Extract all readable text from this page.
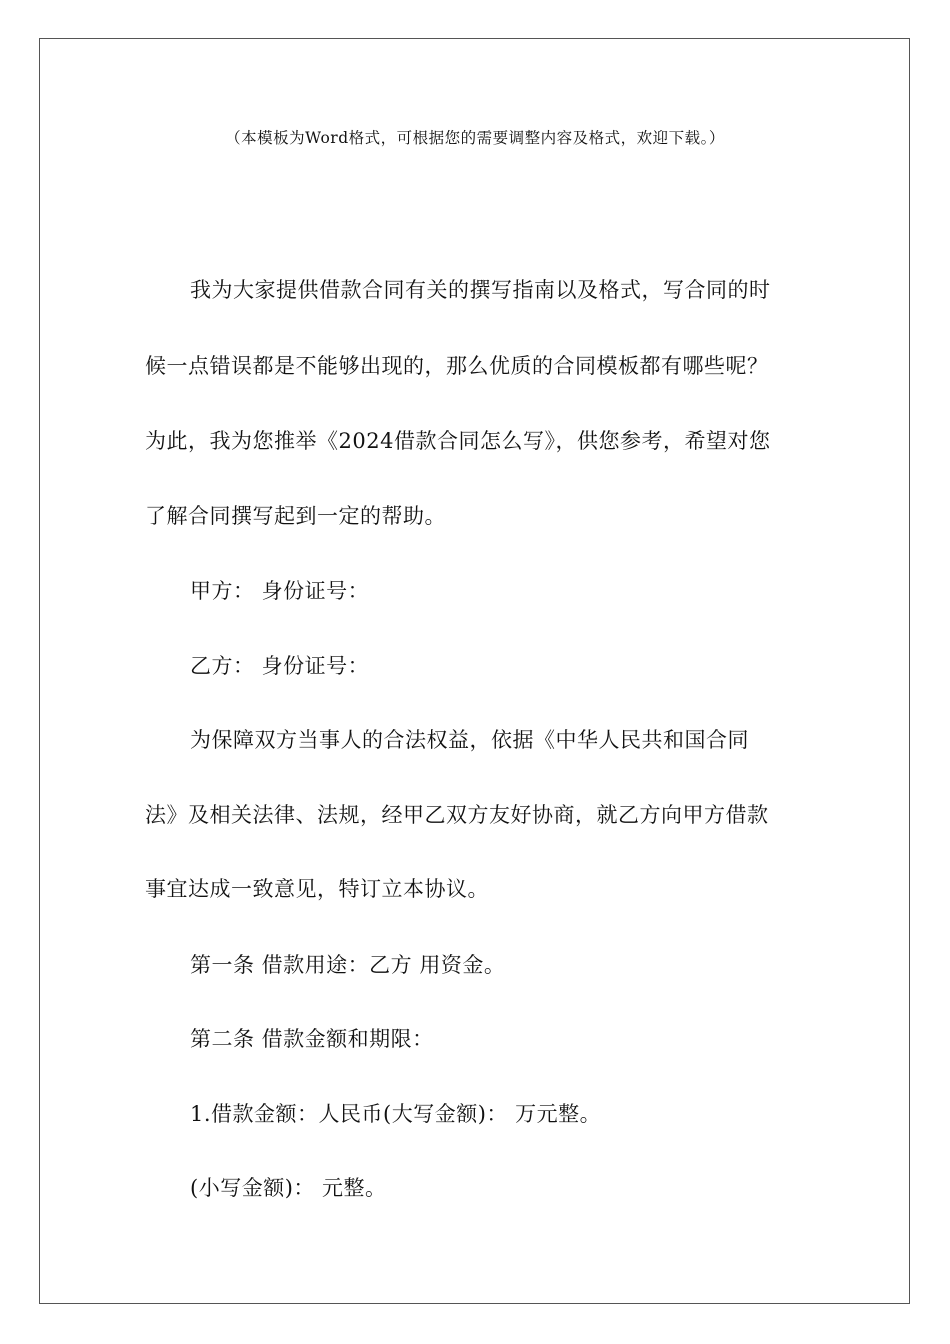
（本模板为Word格式，可根据您的需要调整内容及格式，欢迎下载。）
我为大家提供借款合同有关的撰写指南以及格式，写合同的时
候一点错误都是不能够出现的，那么优质的合同模板都有哪些呢？
为此，我为您推举《2024借款合同怎么写》，供您参考，希望对您
了解合同撰写起到一定的帮助。
甲方： 身份证号：
乙方： 身份证号：
为保障双方当事人的合法权益，依据《中华人民共和国合同
法》及相关法律、法规，经甲乙双方友好协商，就乙方向甲方借款
事宜达成一致意见，特订立本协议。
第一条 借款用途：乙方 用资金。
第二条 借款金额和期限：
1.借款金额：人民币(大写金额)： 万元整。
(小写金额)： 元整。
